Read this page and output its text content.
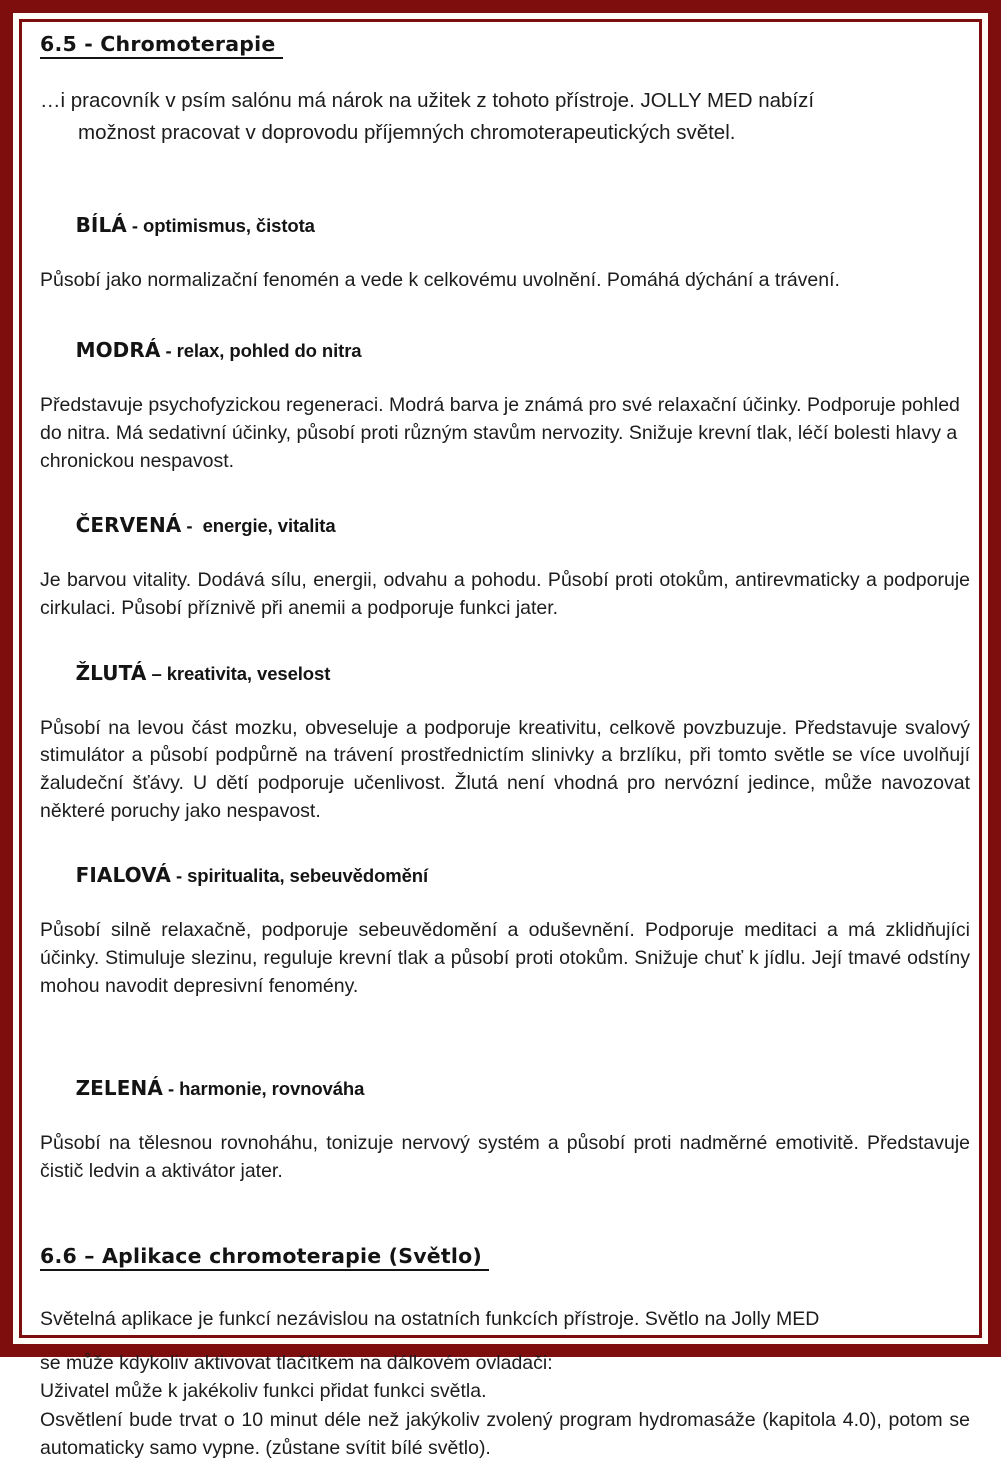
6.5 - Chromoterapie

…i pracovník v psím salónu má nárok na užitek z tohoto přístroje. JOLLY MED nabízí
možnost pracovat v doprovodu příjemných chromoterapeutických světel.

BÍLÁ - optimismus, čistota

Působí jako normalizační fenomén a vede k celkovému uvolnění. Pomáhá dýchání a trávení.

MODRÁ - relax, pohled do nitra

Představuje psychofyzickou regeneraci. Modrá barva je známá pro své relaxační účinky. Podporuje pohled do nitra. Má sedativní účinky, působí proti různým stavům nervozity. Snižuje krevní tlak, léčí bolesti hlavy a chronickou nespavost.

ČERVENÁ -  energie, vitalita

Je barvou vitality. Dodává sílu, energii, odvahu a pohodu. Působí proti otokům, antirevmaticky a podporuje cirkulaci. Působí příznivě při anemii a podporuje funkci jater.

ŽLUTÁ – kreativita, veselost

Působí na levou část mozku, obveseluje a podporuje kreativitu, celkově povzbuzuje. Představuje svalový stimulátor a působí podpůrně na trávení prostřednictím slinivky a brzlíku, při tomto světle se více uvolňují žaludeční šťávy. U dětí podporuje učenlivost. Žlutá není vhodná pro nervózní jedince, může navozovat některé poruchy jako nespavost.

FIALOVÁ - spiritualita, sebeuvědomění

Působí silně relaxačně, podporuje sebeuvědomění a oduševnění. Podporuje meditaci a má zklidňujíci účinky. Stimuluje slezinu, reguluje krevní tlak a působí proti otokům. Snižuje chuť k jídlu. Její tmavé odstíny mohou navodit depresivní fenomény.

ZELENÁ - harmonie, rovnováha

Působí na tělesnou rovnoháhu, tonizuje nervový systém a působí proti nadměrné emotivitě. Představuje čistič ledvin a aktivátor jater.

6.6 – Aplikace chromoterapie (Světlo)

Světelná aplikace je funkcí nezávislou na ostatních funkcích přístroje. Světlo na Jolly MED

se může kdykoliv aktivovat tlačítkem na dálkovém ovladači:

Uživatel může k jakékoliv funkci přidat funkci světla.

Osvětlení bude trvat o 10 minut déle než jakýkoliv zvolený program hydromasáže (kapitola 4.0), potom se automaticky samo vypne. (zůstane svítit bílé světlo).
